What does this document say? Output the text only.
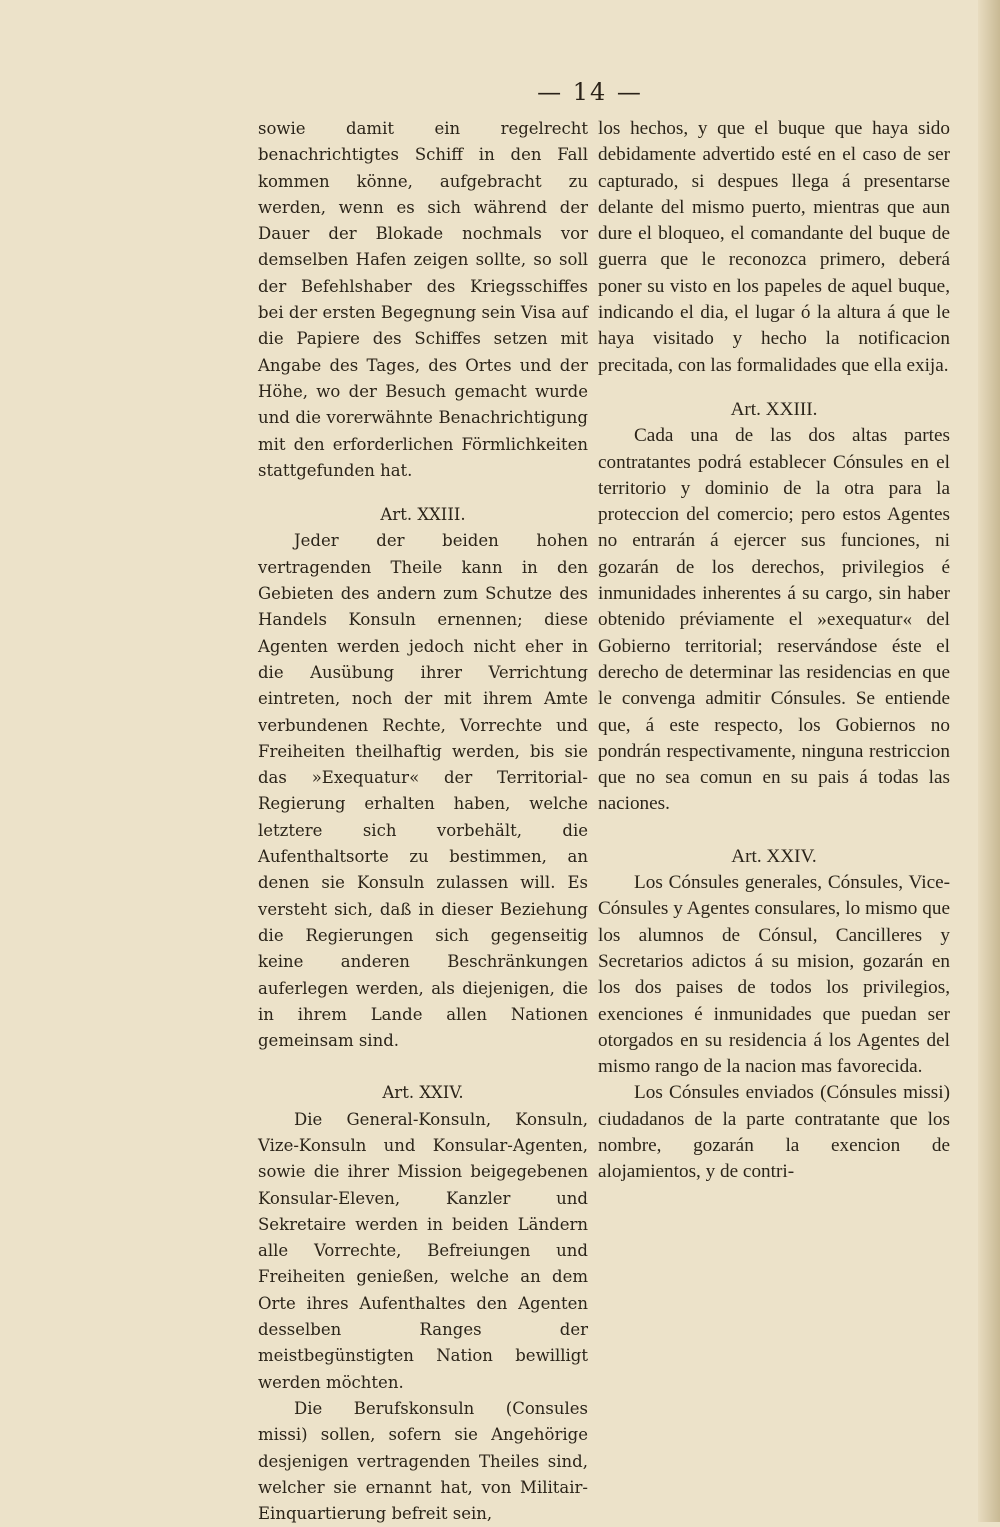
— 14 —

sowie damit ein regelrecht benachrichtigtes Schiff in den Fall kommen könne, aufgebracht zu werden, wenn es sich während der Dauer der Blokade nochmals vor demselben Hafen zeigen sollte, so soll der Befehlshaber des Kriegsschiffes bei der ersten Begegnung sein Visa auf die Papiere des Schiffes setzen mit Angabe des Tages, des Ortes und der Höhe, wo der Besuch gemacht wurde und die vorerwähnte Benachrichtigung mit den erforderlichen Förmlichkeiten stattgefunden hat.

Art. XXIII.

Jeder der beiden hohen vertragenden Theile kann in den Gebieten des andern zum Schutze des Handels Konsuln ernennen; diese Agenten werden jedoch nicht eher in die Ausübung ihrer Verrichtung eintreten, noch der mit ihrem Amte verbundenen Rechte, Vorrechte und Freiheiten theilhaftig werden, bis sie das »Exequatur« der Territorial-Regierung erhalten haben, welche letztere sich vorbehält, die Aufenthaltsorte zu bestimmen, an denen sie Konsuln zulassen will. Es versteht sich, daß in dieser Beziehung die Regierungen sich gegenseitig keine anderen Beschränkungen auferlegen werden, als diejenigen, die in ihrem Lande allen Nationen gemeinsam sind.

Art. XXIV.

Die General-Konsuln, Konsuln, Vize-Konsuln und Konsular-Agenten, sowie die ihrer Mission beigegebenen Konsular-Eleven, Kanzler und Sekretaire werden in beiden Ländern alle Vorrechte, Befreiungen und Freiheiten genießen, welche an dem Orte ihres Aufenthaltes den Agenten desselben Ranges der meistbegünstigten Nation bewilligt werden möchten.

Die Berufskonsuln (Consules missi) sollen, sofern sie Angehörige desjenigen vertragenden Theiles sind, welcher sie ernannt hat, von Militair-Einquartierung befreit sein,

los hechos, y que el buque que haya sido debidamente advertido esté en el caso de ser capturado, si despues llega á presentarse delante del mismo puerto, mientras que aun dure el bloqueo, el comandante del buque de guerra que le reconozca primero, deberá poner su visto en los papeles de aquel buque, indicando el dia, el lugar ó la altura á que le haya visitado y hecho la notificacion precitada, con las formalidades que ella exija.

Art. XXIII.

Cada una de las dos altas partes contratantes podrá establecer Cónsules en el territorio y dominio de la otra para la proteccion del comercio; pero estos Agentes no entrarán á ejercer sus funciones, ni gozarán de los derechos, privilegios é inmunidades inherentes á su cargo, sin haber obtenido préviamente el »exequatur« del Gobierno territorial; reservándose éste el derecho de determinar las residencias en que le convenga admitir Cónsules. Se entiende que, á este respecto, los Gobiernos no pondrán respectivamente, ninguna restriccion que no sea comun en su pais á todas las naciones.

Art. XXIV.

Los Cónsules generales, Cónsules, Vice-Cónsules y Agentes consulares, lo mismo que los alumnos de Cónsul, Cancilleres y Secretarios adictos á su mision, gozarán en los dos paises de todos los privilegios, exenciones é inmunidades que puedan ser otorgados en su residencia á los Agentes del mismo rango de la nacion mas favorecida.

Los Cónsules enviados (Cónsules missi) ciudadanos de la parte contratante que los nombre, gozarán la exencion de alojamientos, y de contri-
